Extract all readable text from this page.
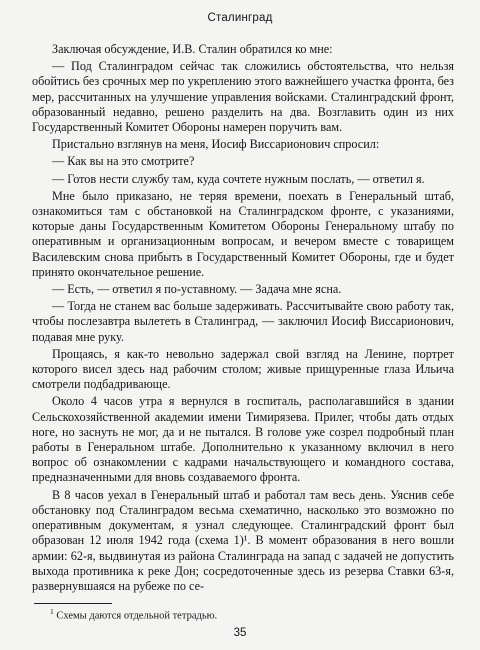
Сталинград

Заключая обсуждение, И.В. Сталин обратился ко мне:

— Под Сталинградом сейчас так сложились обстоятельства, что нельзя обойтись без срочных мер по укреплению этого важнейшего участка фронта, без мер, рассчитанных на улучшение управления войсками. Сталинградский фронт, образованный недавно, решено разделить на два. Возглавить один из них Государственный Комитет Обороны намерен поручить вам.

Пристально взглянув на меня, Иосиф Виссарионович спросил:

— Как вы на это смотрите?

— Готов нести службу там, куда сочтете нужным послать, — ответил я.

Мне было приказано, не теряя времени, поехать в Генеральный штаб, ознакомиться там с обстановкой на Сталинградском фронте, с указаниями, которые даны Государственным Комитетом Обороны Генеральному штабу по оперативным и организационным вопросам, и вечером вместе с товарищем Василевским снова прибыть в Государственный Комитет Обороны, где и будет принято окончательное решение.

— Есть, — ответил я по-уставному. — Задача мне ясна.

— Тогда не станем вас больше задерживать. Рассчитывайте свою работу так, чтобы послезавтра вылететь в Сталинград, — заключил Иосиф Виссарионович, подавая мне руку.

Прощаясь, я как-то невольно задержал свой взгляд на Ленине, портрет которого висел здесь над рабочим столом; живые прищуренные глаза Ильича смотрели подбадривающе.

Около 4 часов утра я вернулся в госпиталь, располагавшийся в здании Сельскохозяйственной академии имени Тимирязева. Прилег, чтобы дать отдых ноге, но заснуть не мог, да и не пытался. В голове уже созрел подробный план работы в Генеральном штабе. Дополнительно к указанному включил в него вопрос об ознакомлении с кадрами начальствующего и командного состава, предназначенными для вновь создаваемого фронта.

В 8 часов уехал в Генеральный штаб и работал там весь день. Уяснив себе обстановку под Сталинградом весьма схематично, насколько это возможно по оперативным документам, я узнал следующее. Сталинградский фронт был образован 12 июля 1942 года (схема 1)¹. В момент образования в него вошли армии: 62-я, выдвинутая из района Сталинграда на запад с задачей не допустить выхода противника к реке Дон; сосредоточенные здесь из резерва Ставки 63-я, развернувшаяся на рубеже по се-

$^1$ Схемы даются отдельной тетрадью.
35
